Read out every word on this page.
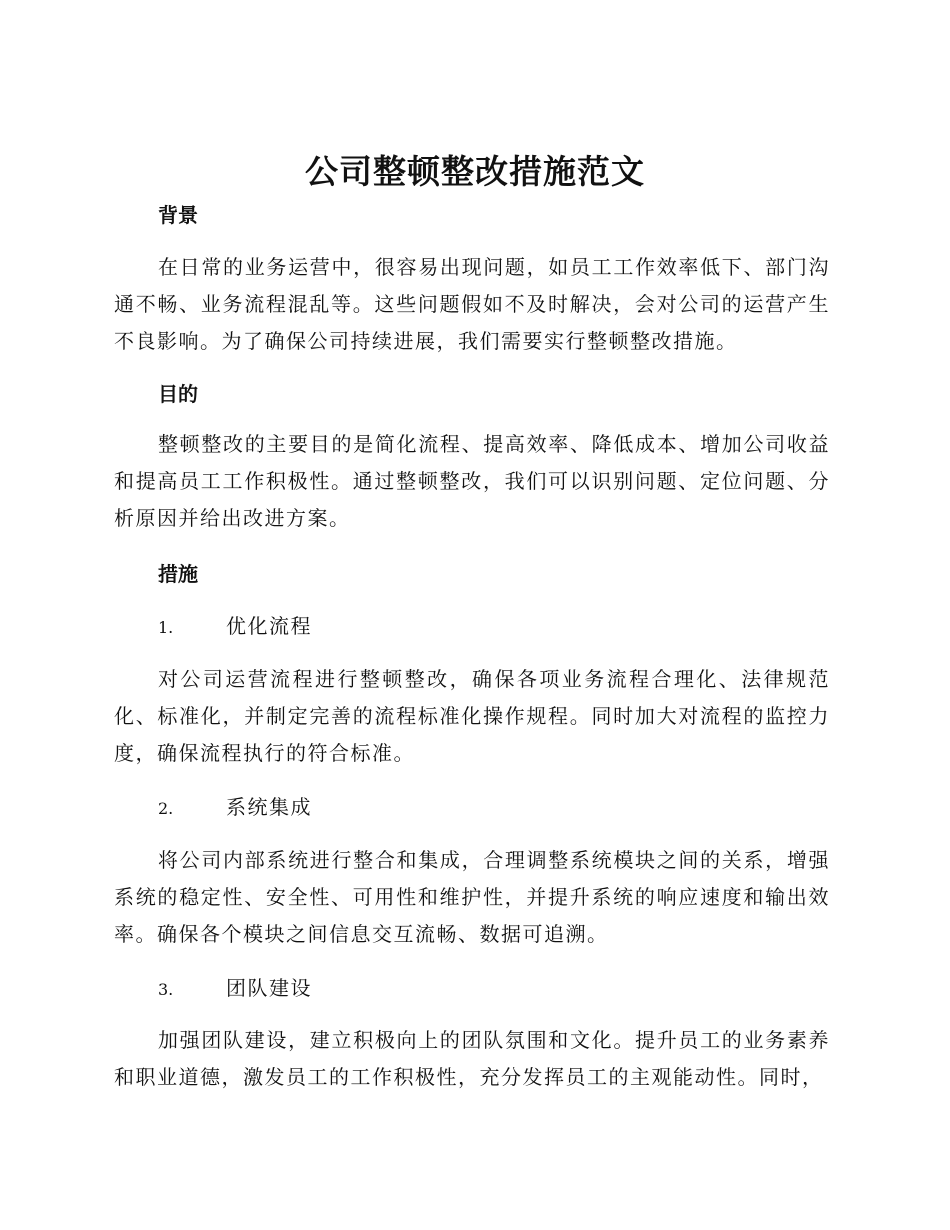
公司整顿整改措施范文

背景

在日常的业务运营中，很容易出现问题，如员工工作效率低下、部门沟通不畅、业务流程混乱等。这些问题假如不及时解决，会对公司的运营产生不良影响。为了确保公司持续进展，我们需要实行整顿整改措施。

目的

整顿整改的主要目的是简化流程、提高效率、降低成本、增加公司收益和提高员工工作积极性。通过整顿整改，我们可以识别问题、定位问题、分析原因并给出改进方案。

措施

1.	优化流程

对公司运营流程进行整顿整改，确保各项业务流程合理化、法律规范化、标准化，并制定完善的流程标准化操作规程。同时加大对流程的监控力度，确保流程执行的符合标准。

2.	系统集成

将公司内部系统进行整合和集成，合理调整系统模块之间的关系，增强系统的稳定性、安全性、可用性和维护性，并提升系统的响应速度和输出效率。确保各个模块之间信息交互流畅、数据可追溯。

3.	团队建设

加强团队建设，建立积极向上的团队氛围和文化。提升员工的业务素养和职业道德，激发员工的工作积极性，充分发挥员工的主观能动性。同时，
